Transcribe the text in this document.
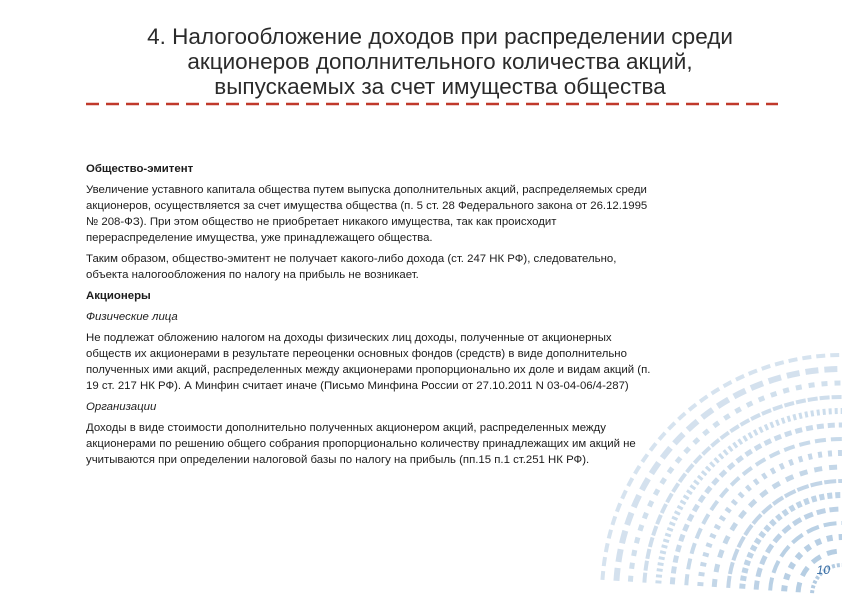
4. Налогообложение доходов при распределении среди
акционеров дополнительного количества акций,
выпускаемых за счет имущества общества

Общество-эмитент

Увеличение уставного капитала общества путем выпуска дополнительных акций, распределяемых среди
акционеров, осуществляется за счет имущества общества (п. 5 ст. 28 Федерального закона от 26.12.1995
№ 208-ФЗ). При этом общество не приобретает никакого имущества, так как происходит
перераспределение имущества, уже принадлежащего общества.

Таким образом, общество-эмитент не получает какого-либо дохода (ст. 247 НК РФ), следовательно,
объекта налогообложения по налогу на прибыль не возникает.

Акционеры

Физические лица

Не подлежат обложению налогом на доходы физических лиц доходы, полученные от акционерных
обществ их акционерами в результате переоценки основных фондов (средств) в виде дополнительно
полученных ими акций, распределенных между акционерами пропорционально их доле и видам акций (п.
19 ст. 217 НК РФ). А Минфин считает иначе (Письмо Минфина России от 27.10.2011 N 03-04-06/4-287)

Организации

Доходы в виде стоимости дополнительно полученных акционером акций, распределенных между
акционерами по решению общего собрания пропорционально количеству принадлежащих им акций не
учитываются при определении налоговой базы по налогу на прибыль (пп.15 п.1 ст.251 НК РФ).

10
